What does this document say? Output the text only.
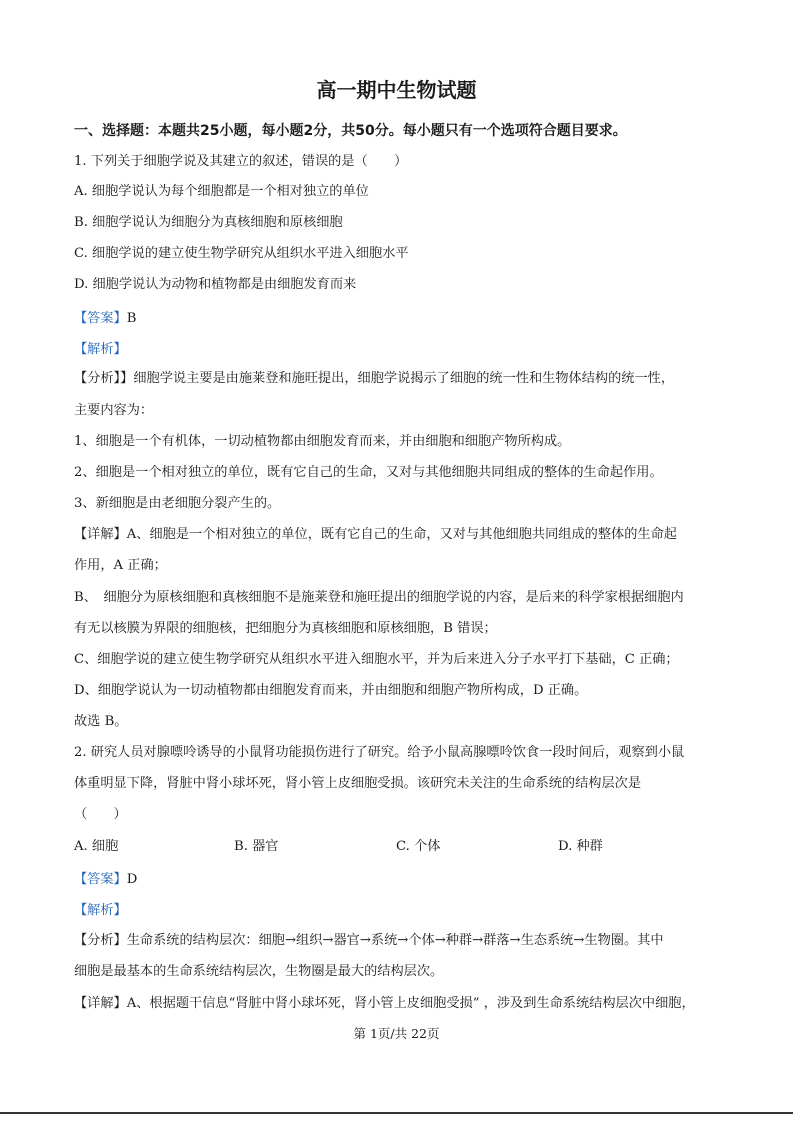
高一期中生物试题
一、选择题：本题共25小题，每小题2分，共50分。每小题只有一个选项符合题目要求。
1. 下列关于细胞学说及其建立的叙述，错误的是（　　）
A. 细胞学说认为每个细胞都是一个相对独立的单位
B. 细胞学说认为细胞分为真核细胞和原核细胞
C. 细胞学说的建立使生物学研究从组织水平进入细胞水平
D. 细胞学说认为动物和植物都是由细胞发育而来
【答案】B
【解析】
【分析】】细胞学说主要是由施莱登和施旺提出，细胞学说揭示了细胞的统一性和生物体结构的统一性，
主要内容为：
1、细胞是一个有机体，一切动植物都由细胞发育而来，并由细胞和细胞产物所构成。
2、细胞是一个相对独立的单位，既有它自己的生命，又对与其他细胞共同组成的整体的生命起作用。
3、新细胞是由老细胞分裂产生的。
【详解】A、细胞是一个相对独立的单位，既有它自己的生命，又对与其他细胞共同组成的整体的生命起
作用，A 正确；
B、　细胞分为原核细胞和真核细胞不是施莱登和施旺提出的细胞学说的内容，是后来的科学家根据细胞内
有无以核膜为界限的细胞核，把细胞分为真核细胞和原核细胞，B 错误；
C、细胞学说的建立使生物学研究从组织水平进入细胞水平，并为后来进入分子水平打下基础，C 正确；
D、细胞学说认为一切动植物都由细胞发育而来，并由细胞和细胞产物所构成，D 正确。
故选 B。
2. 研究人员对腺嘌呤诱导的小鼠肾功能损伤进行了研究。给予小鼠高腺嘌呤饮食一段时间后，观察到小鼠
体重明显下降，肾脏中肾小球坏死，肾小管上皮细胞受损。该研究未关注的生命系统的结构层次是
（　　）
A. 细胞	B. 器官	C. 个体	D. 种群
【答案】D
【解析】
【分析】生命系统的结构层次：细胞→组织→器官→系统→个体→种群→群落→生态系统→生物圈。其中
细胞是最基本的生命系统结构层次，生物圈是最大的结构层次。
【详解】A、根据题干信息“肾脏中肾小球坏死，肾小管上皮细胞受损” ，涉及到生命系统结构层次中细胞，
第 1页/共 22页
